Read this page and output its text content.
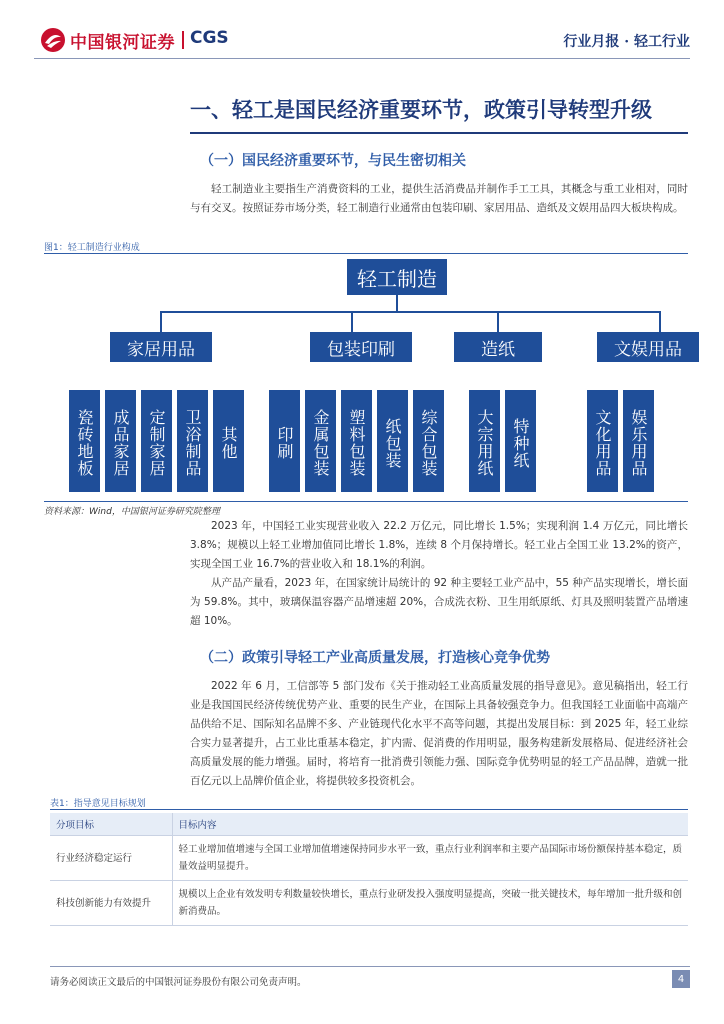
中国银河证券 CGS	行业月报 · 轻工行业
一、轻工是国民经济重要环节，政策引导转型升级
（一）国民经济重要环节，与民生密切相关

轻工制造业主要指生产消费资料的工业，提供生活消费品并制作手工工具，其概念与重工业相对，同时与有交叉。按照证券市场分类，轻工制造行业通常由包装印刷、家居用品、造纸及文娱用品四大板块构成。

图1：轻工制造行业构成
轻工制造
家居用品	包装印刷	造纸	文娱用品
瓷砖地板	成品家居	定制家居	卫浴制品	其他	印刷	金属包装	塑料包装	纸包装	综合包装	大宗用纸	特种纸	文化用品	娱乐用品
资料来源：Wind，中国银河证券研究院整理

2023 年，中国轻工业实现营业收入 22.2 万亿元，同比增长 1.5%；实现利润 1.4 万亿元，同比增长 3.8%；规模以上轻工业增加值同比增长 1.8%，连续 8 个月保持增长。轻工业占全国工业 13.2%的资产，实现全国工业 16.7%的营业收入和 18.1%的利润。

从产品产量看，2023 年，在国家统计局统计的 92 种主要轻工业产品中，55 种产品实现增长，增长面为 59.8%。其中，玻璃保温容器产品增速超 20%，合成洗衣粉、卫生用纸原纸、灯具及照明装置产品增速超 10%。

（二）政策引导轻工产业高质量发展，打造核心竞争优势

2022 年 6 月，工信部等 5 部门发布《关于推动轻工业高质量发展的指导意见》。意见稿指出，轻工行业是我国国民经济传统优势产业、重要的民生产业，在国际上具备较强竞争力。但我国轻工业面临中高端产品供给不足、国际知名品牌不多、产业链现代化水平不高等问题，其提出发展目标：到 2025 年，轻工业综合实力显著提升，占工业比重基本稳定，扩内需、促消费的作用明显，服务构建新发展格局、促进经济社会高质量发展的能力增强。届时，将培育一批消费引领能力强、国际竞争优势明显的轻工产品品牌，造就一批百亿元以上品牌价值企业，将提供较多投资机会。

表1：指导意见目标规划
分项目标	目标内容
行业经济稳定运行	轻工业增加值增速与全国工业增加值增速保持同步水平一致，重点行业利润率和主要产品国际市场份额保持基本稳定，质量效益明显提升。
科技创新能力有效提升	规模以上企业有效发明专利数量较快增长，重点行业研发投入强度明显提高，突破一批关键技术，每年增加一批升级和创新消费品。
请务必阅读正文最后的中国银河证券股份有限公司免责声明。	4
